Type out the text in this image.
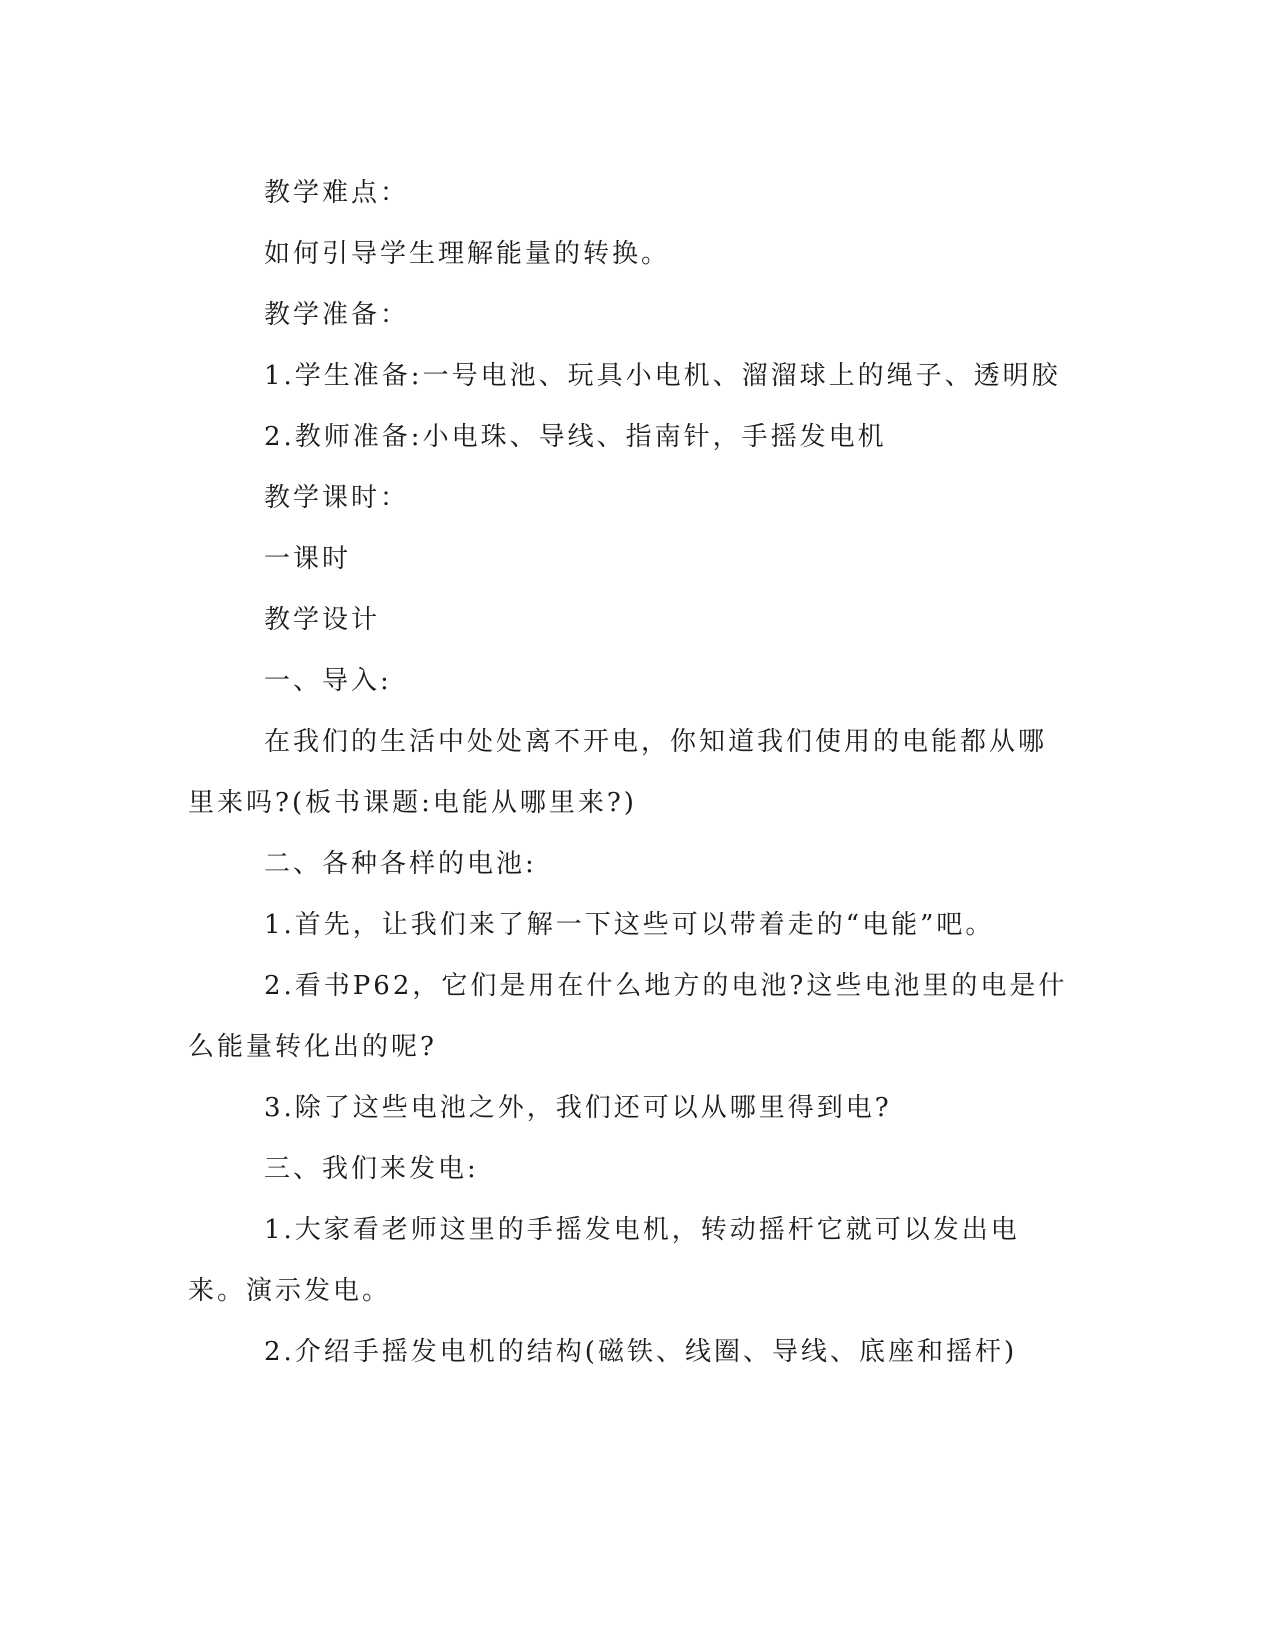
教学难点：

如何引导学生理解能量的转换。

教学准备：

1.学生准备:一号电池、玩具小电机、溜溜球上的绳子、透明胶

2.教师准备:小电珠、导线、指南针，手摇发电机

教学课时：

一课时

教学设计

一、导入:

在我们的生活中处处离不开电，你知道我们使用的电能都从哪里来吗?(板书课题:电能从哪里来?)

二、各种各样的电池:

1.首先，让我们来了解一下这些可以带着走的“电能”吧。

2.看书P62，它们是用在什么地方的电池?这些电池里的电是什么能量转化出的呢?

3.除了这些电池之外，我们还可以从哪里得到电?

三、我们来发电:

1.大家看老师这里的手摇发电机，转动摇杆它就可以发出电来。演示发电。

2.介绍手摇发电机的结构(磁铁、线圈、导线、底座和摇杆)
